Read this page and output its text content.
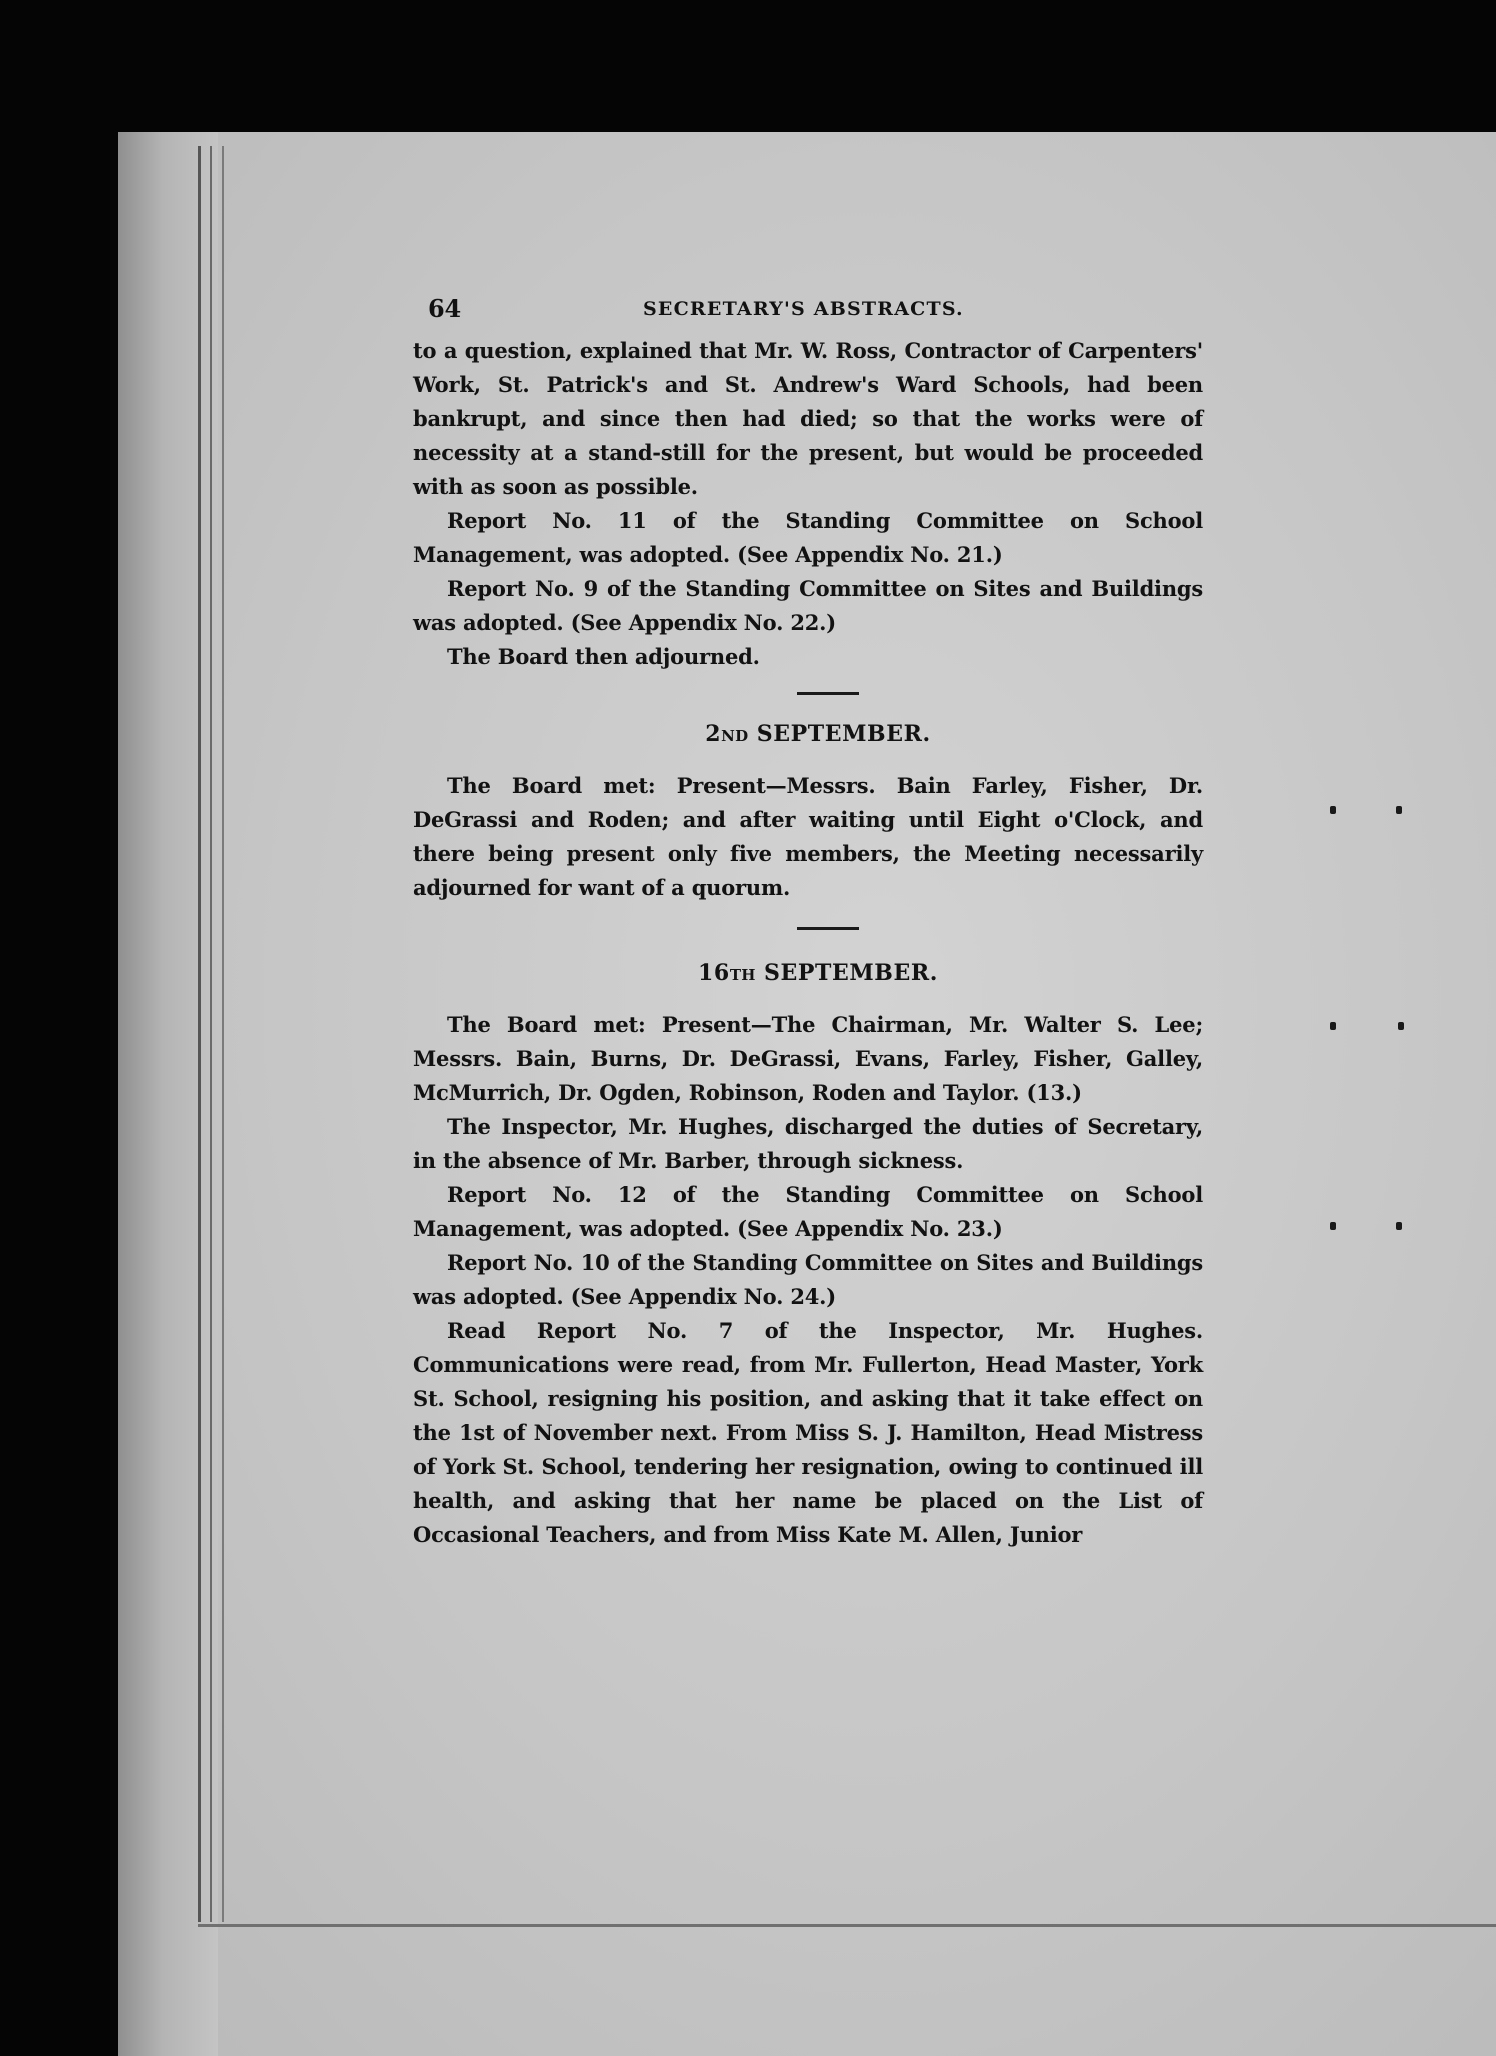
64	SECRETARY'S ABSTRACTS.

to a question, explained that Mr. W. Ross, Contractor of Carpenters' Work, St. Patrick's and St. Andrew's Ward Schools, had been bankrupt, and since then had died; so that the works were of necessity at a stand-still for the present, but would be proceeded with as soon as possible.

Report No. 11 of the Standing Committee on School Management, was adopted. (See Appendix No. 21.)

Report No. 9 of the Standing Committee on Sites and Buildings was adopted. (See Appendix No. 22.)

The Board then adjourned.

2ND SEPTEMBER.

The Board met: Present—Messrs. Bain Farley, Fisher, Dr. DeGrassi and Roden; and after waiting until Eight o'Clock, and there being present only five members, the Meeting necessarily adjourned for want of a quorum.

16TH SEPTEMBER.

The Board met: Present—The Chairman, Mr. Walter S. Lee; Messrs. Bain, Burns, Dr. DeGrassi, Evans, Farley, Fisher, Galley, McMurrich, Dr. Ogden, Robinson, Roden and Taylor. (13.)

The Inspector, Mr. Hughes, discharged the duties of Secretary, in the absence of Mr. Barber, through sickness.

Report No. 12 of the Standing Committee on School Management, was adopted. (See Appendix No. 23.)

Report No. 10 of the Standing Committee on Sites and Buildings was adopted. (See Appendix No. 24.)

Read Report No. 7 of the Inspector, Mr. Hughes. Communications were read, from Mr. Fullerton, Head Master, York St. School, resigning his position, and asking that it take effect on the 1st of November next. From Miss S. J. Hamilton, Head Mistress of York St. School, tendering her resignation, owing to continued ill health, and asking that her name be placed on the List of Occasional Teachers, and from Miss Kate M. Allen, Junior
